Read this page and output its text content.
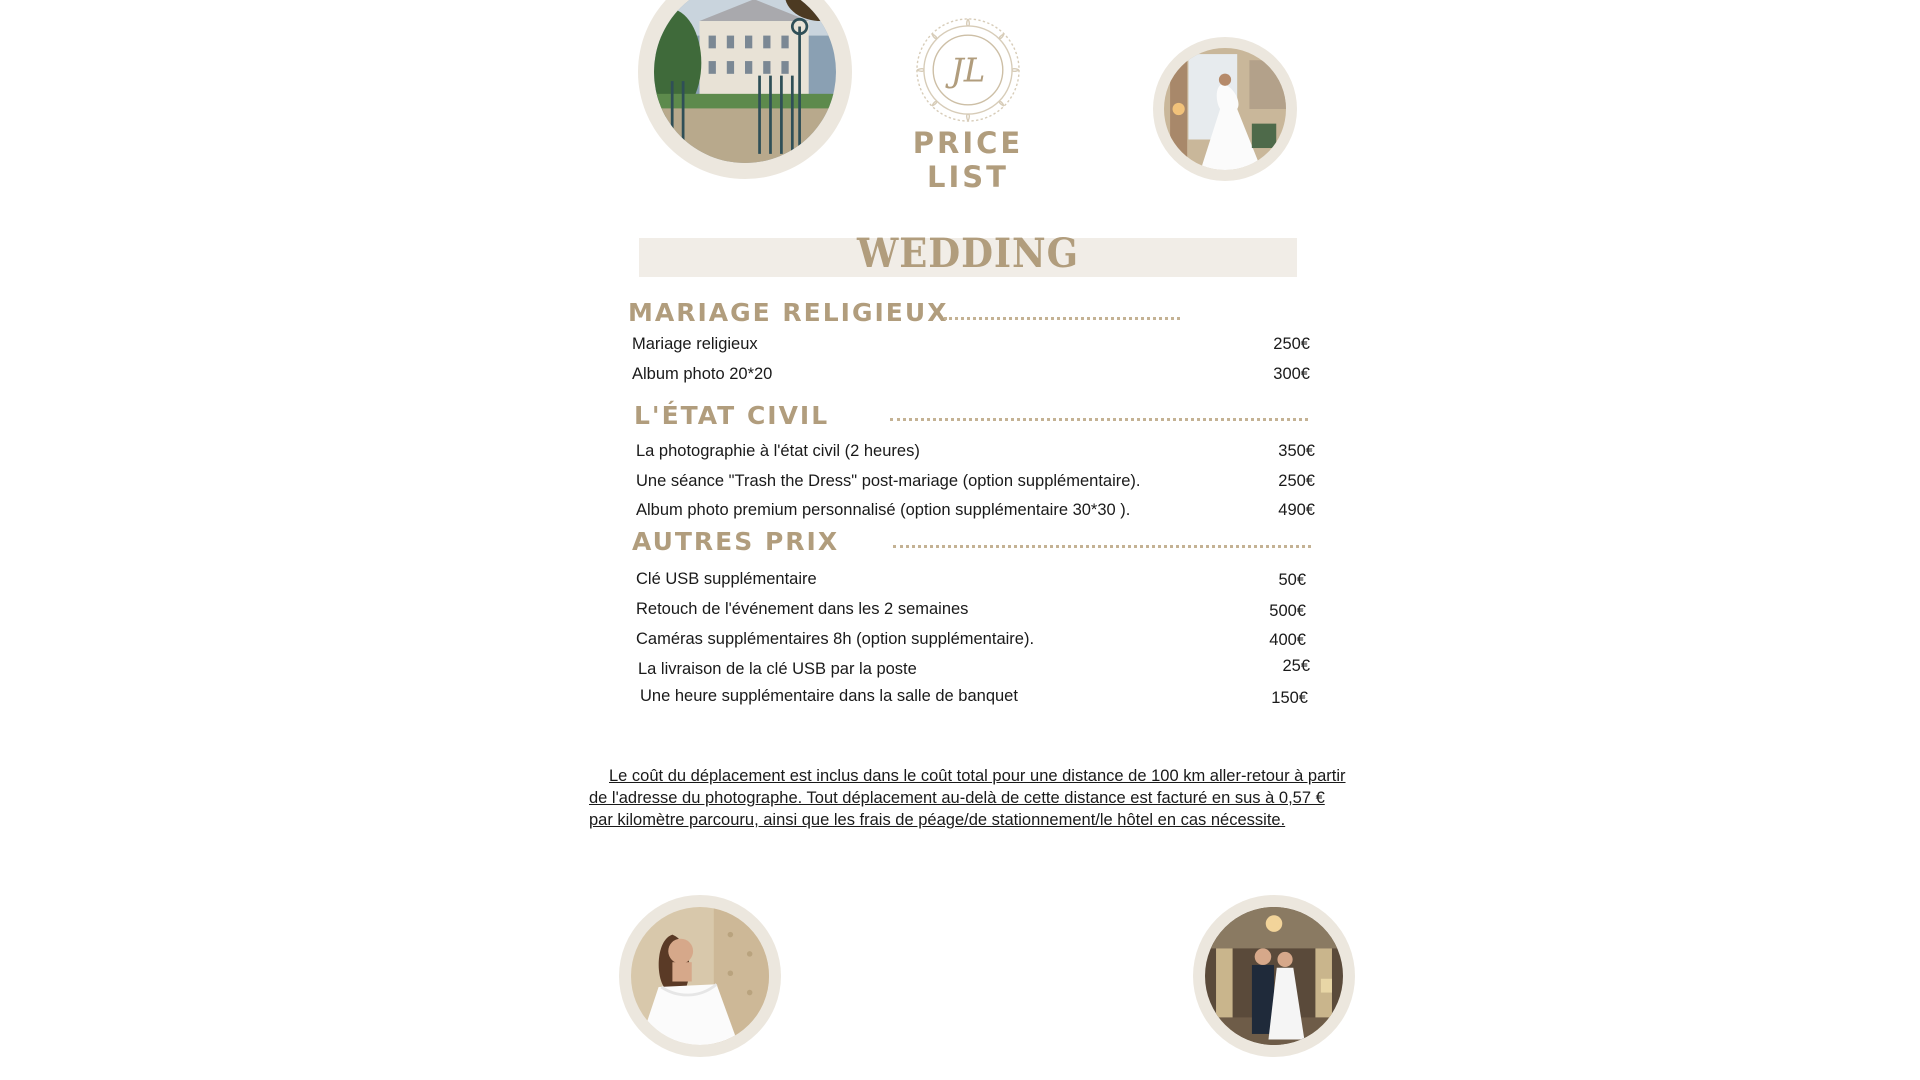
JL
PRICE LIST
WEDDING
MARIAGE RELIGIEUX
Mariage religieux	250€
Album photo 20*20	300€
L'ÉTAT CIVIL
La photographie à l'état civil (2 heures)	350€
Une séance "Trash the Dress" post-mariage (option supplémentaire).	250€
Album photo premium personnalisé (option supplémentaire 30*30 ).	490€
AUTRES PRIX
Clé USB supplémentaire	50€
Retouch de l'événement dans les 2 semaines	500€
Caméras supplémentaires 8h (option supplémentaire).	400€
La livraison de la clé USB par la poste	25€
Une heure supplémentaire dans la salle de banquet	150€
Le coût du déplacement est inclus dans le coût total pour une distance de 100 km aller-retour à partir
de l'adresse du photographe. Tout déplacement au-delà de cette distance est facturé en sus à 0,57 €
par kilomètre parcouru, ainsi que les frais de péage/de stationnement/le hôtel en cas nécessite.
